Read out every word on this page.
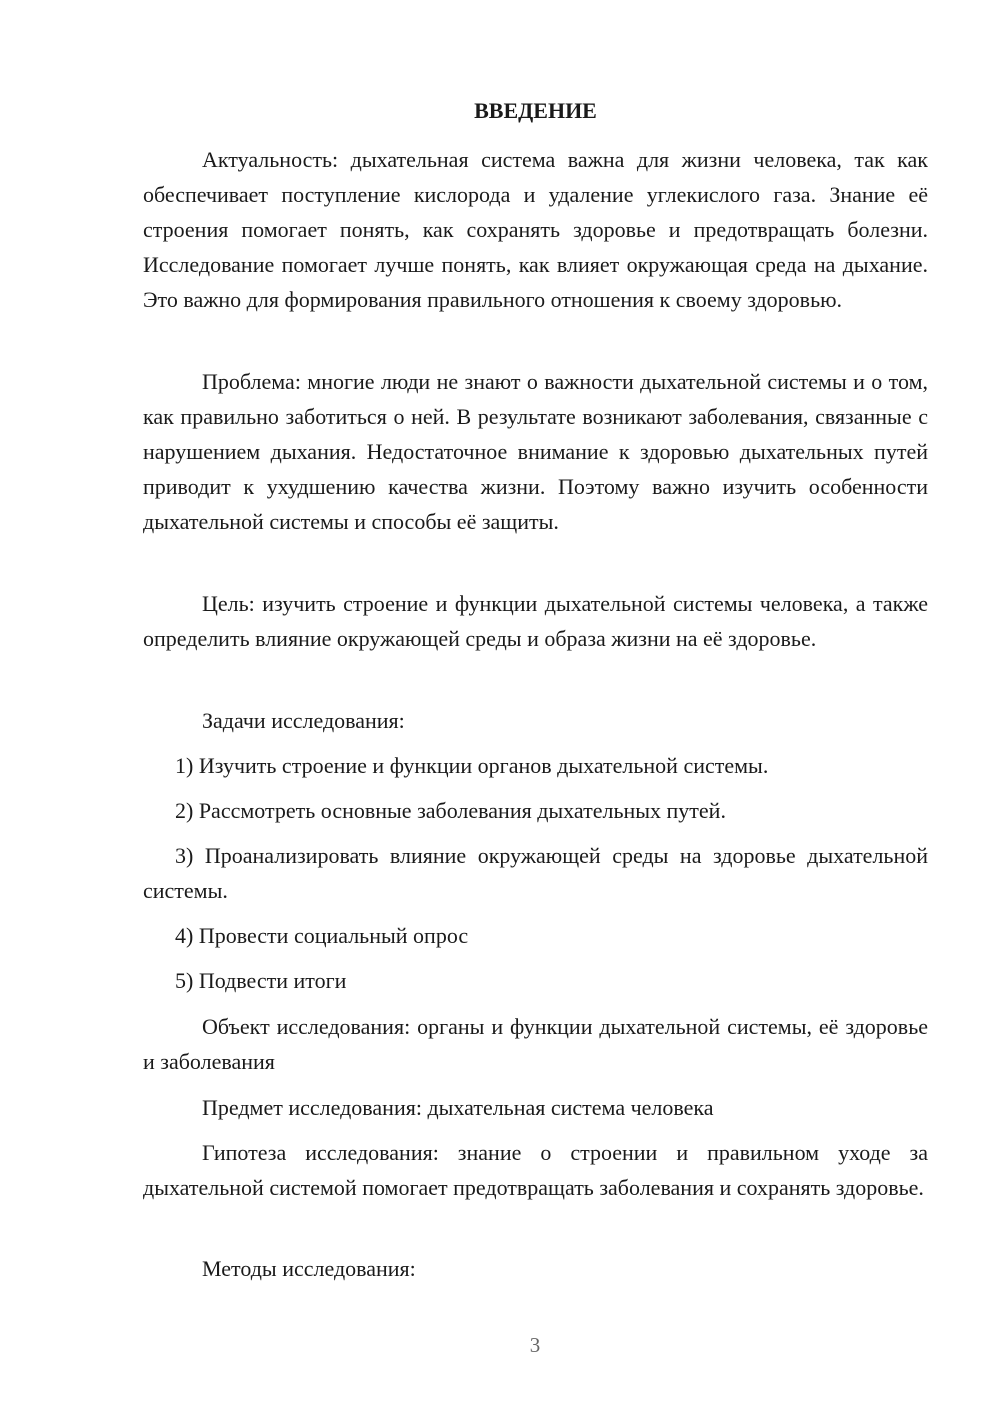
ВВЕДЕНИЕ

Актуальность: дыхательная система важна для жизни человека, так как обеспечивает поступление кислорода и удаление углекислого газа. Знание её строения помогает понять, как сохранять здоровье и предотвращать болезни. Исследование помогает лучше понять, как влияет окружающая среда на дыхание. Это важно для формирования правильного отношения к своему здоровью.

Проблема: многие люди не знают о важности дыхательной системы и о том, как правильно заботиться о ней. В результате возникают заболевания, связанные с нарушением дыхания. Недостаточное внимание к здоровью дыхательных путей приводит к ухудшению качества жизни. Поэтому важно изучить особенности дыхательной системы и способы её защиты.

Цель: изучить строение и функции дыхательной системы человека, а также определить влияние окружающей среды и образа жизни на её здоровье.

Задачи исследования:

1) Изучить строение и функции органов дыхательной системы.

2) Рассмотреть основные заболевания дыхательных путей.

3) Проанализировать влияние окружающей среды на здоровье дыхательной системы.

4) Провести социальный опрос

5) Подвести итоги

Объект исследования: органы и функции дыхательной системы, её здоровье и заболевания

Предмет исследования: дыхательная система человека

Гипотеза исследования: знание о строении и правильном уходе за дыхательной системой помогает предотвращать заболевания и сохранять здоровье.

Методы исследования:

3
